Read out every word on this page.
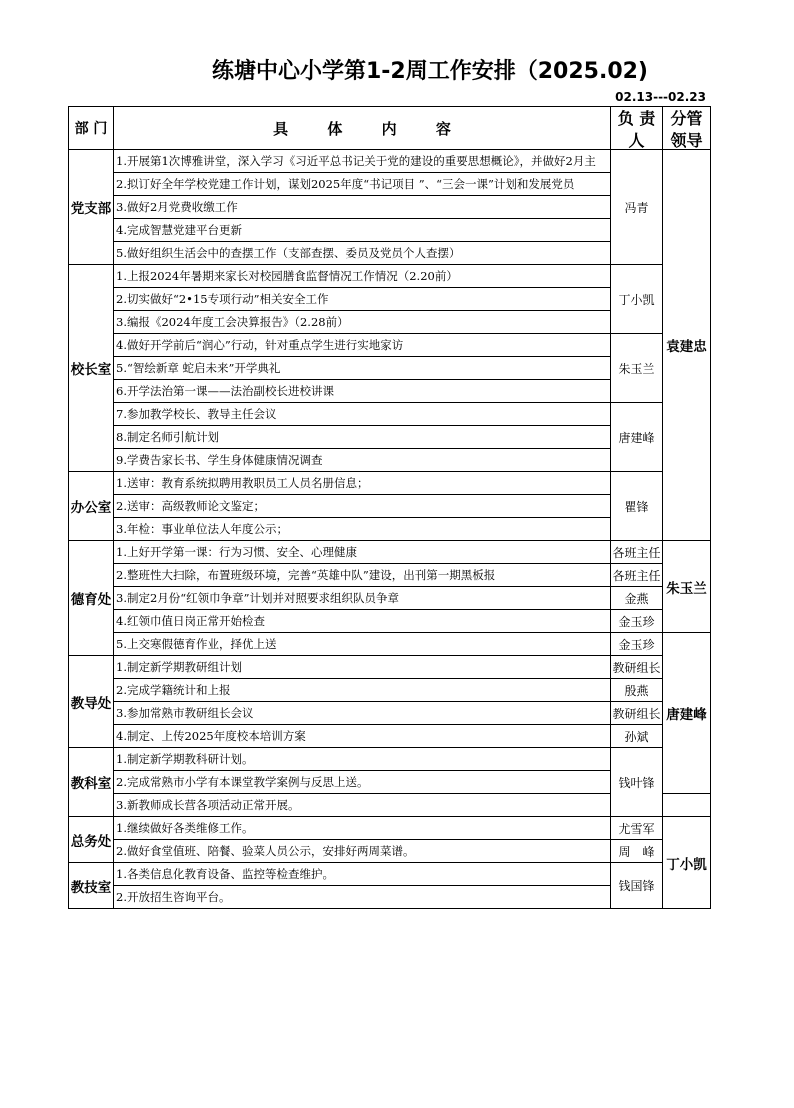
练塘中心小学第1-2周工作安排（2025.02)
02.13---02.23
部 门	具 体 内 容	负 责 人	分管领导

党支部	1.开展第1次博雅讲堂，深入学习《习近平总书记关于党的建设的重要思想概论》，并做好2月主	冯青	袁建忠

	2.拟订好全年学校党建工作计划，谋划2025年度“书记项目 ”、“三会一课”计划和发展党员		

	3.做好2月党费收缴工作		

	4.完成智慧党建平台更新		

	5.做好组织生活会中的查摆工作（支部查摆、委员及党员个人查摆）		

校长室	1.上报2024年暑期来家长对校园膳食监督情况工作情况（2.20前）	丁小凯	

	2.切实做好“2•15专项行动”相关安全工作		

	3.编报《2024年度工会决算报告》（2.28前）		

	4.做好开学前后“润心”行动，针对重点学生进行实地家访	朱玉兰	

	5.“智绘新章 蛇启未来”开学典礼		

	6.开学法治第一课——法治副校长进校讲课		

	7.参加教学校长、教导主任会议	唐建峰	

	8.制定名师引航计划		

	9.学费告家长书、学生身体健康情况调查		

办公室	1.送审：教育系统拟聘用教职员工人员名册信息；	瞿锋	

	2.送审：高级教师论文鉴定；		

	3.年检：事业单位法人年度公示；		

德育处	1.上好开学第一课：行为习惯、安全、心理健康	各班主任	朱玉兰

	2.整班性大扫除，布置班级环境，完善“英雄中队”建设，出刊第一期黑板报	各班主任	

	3.制定2月份“红领巾争章”计划并对照要求组织队员争章	金燕	

	4.红领巾值日岗正常开始检查	金玉珍	

	5.上交寒假德育作业，择优上送	金玉珍	唐建峰
教导处	1.制定新学期教研组计划	教研组长	

	2.完成学籍统计和上报	殷燕	

	3.参加常熟市教研组长会议	教研组长	

	4.制定、上传2025年度校本培训方案	孙斌	
教科室	1.制定新学期教科研计划。	钱叶锋	

	2.完成常熟市小学有本课堂教学案例与反思上送。		

	3.新教师成长营各项活动正常开展。		

总务处	1.继续做好各类维修工作。	尤雪军	丁小凯

	2.做好食堂值班、陪餐、验菜人员公示，安排好两周菜谱。	周　峰	
教技室	1.各类信息化教育设备、监控等检查维护。	钱国锋	

	2.开放招生咨询平台。		
